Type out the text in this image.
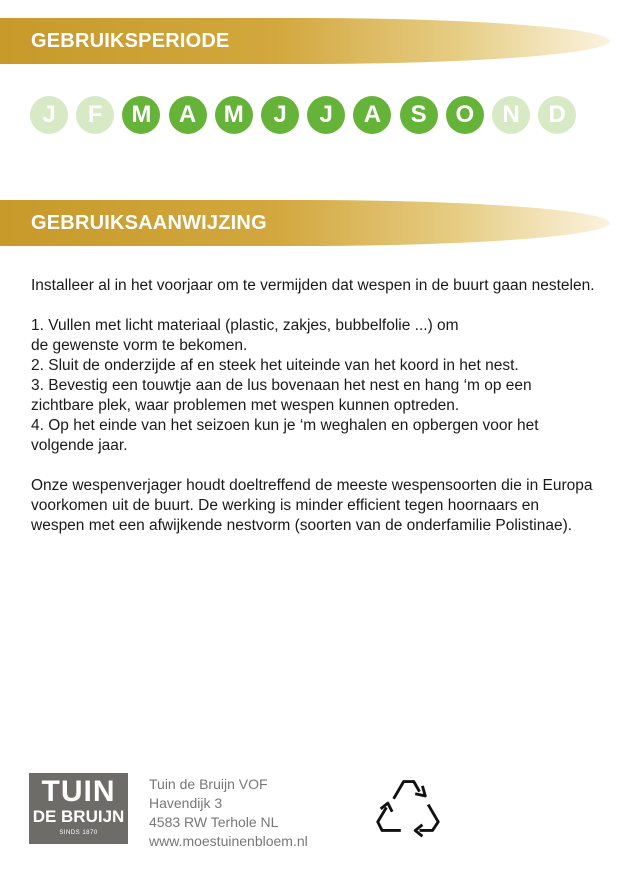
GEBRUIKSPERIODE
J	F	M	A	M	J	J	A	S	O	N	D
GEBRUIKSAANWIJZING

Installeer al in het voorjaar om te vermijden dat wespen in de buurt gaan nestelen.

1. Vullen met licht materiaal (plastic, zakjes, bubbelfolie ...) om
de gewenste vorm te bekomen.
2. Sluit de onderzijde af en steek het uiteinde van het koord in het nest.
3. Bevestig een touwtje aan de lus bovenaan het nest en hang ‘m op een zichtbare plek, waar problemen met wespen kunnen optreden.
4. Op het einde van het seizoen kun je ‘m weghalen en opbergen voor het volgende jaar.

Onze wespenverjager houdt doeltreffend de meeste wespensoorten die in Europa voorkomen uit de buurt. De werking is minder efficient tegen hoornaars en wespen met een afwijkende nestvorm (soorten van de onderfamilie Polistinae).

TUIN
DE BRUIJN
SINDS 1870
Tuin de Bruijn VOF
Havendijk 3
4583 RW Terhole NL
www.moestuinenbloem.nl
